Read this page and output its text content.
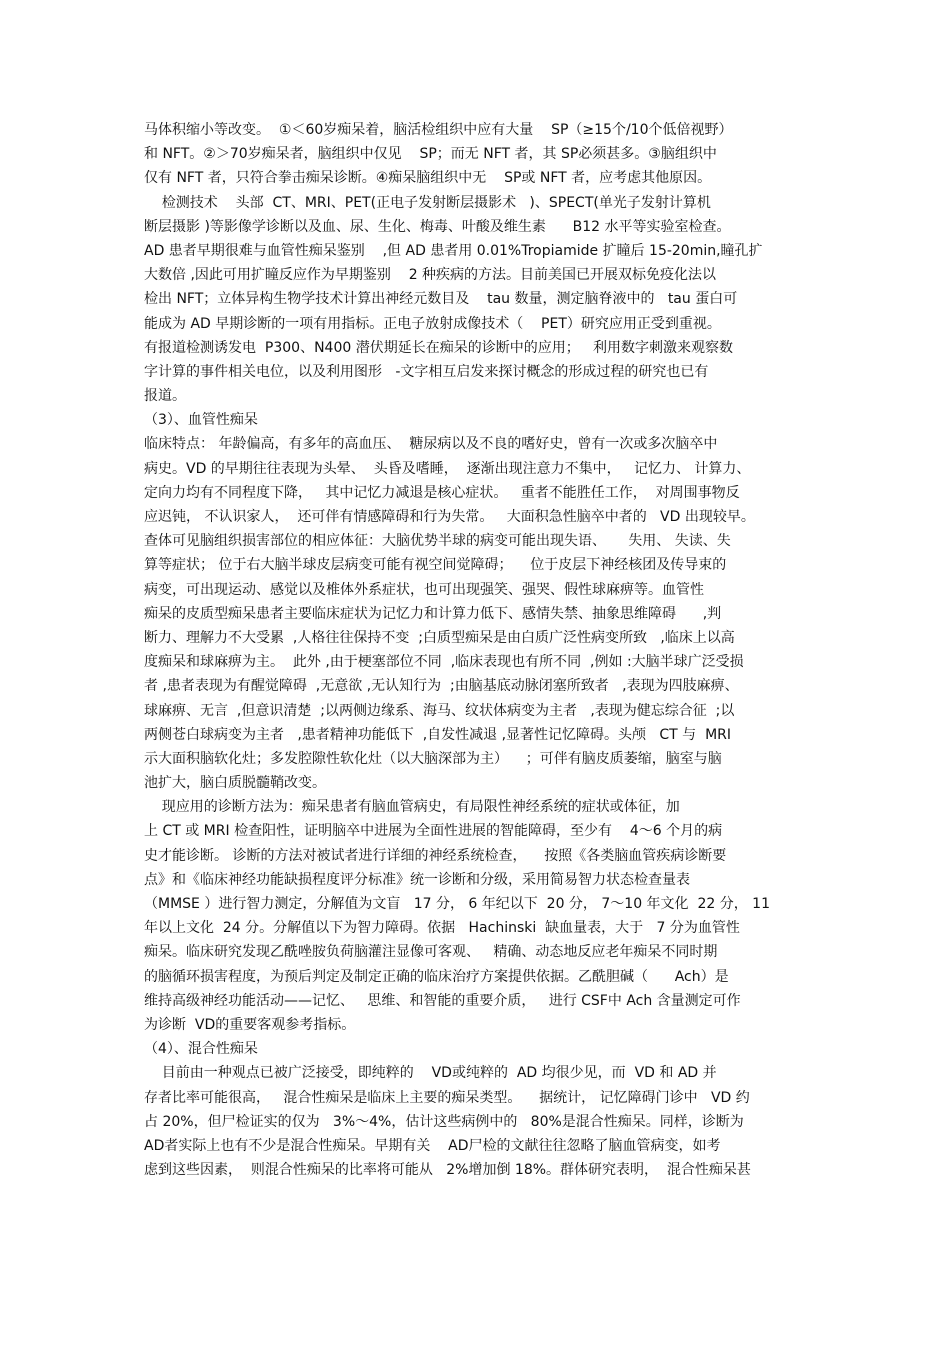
马体积缩小等改变。  ①＜60岁痴呆着，脑活检组织中应有大量    SP（≥15个/10个低倍视野）
和 NFT。②＞70岁痴呆者，脑组织中仅见    SP；而无 NFT 者，其 SP必须甚多。③脑组织中
仅有 NFT 者，只符合拳击痴呆诊断。④痴呆脑组织中无    SP或 NFT 者，应考虑其他原因。
检测技术    头部  CT、MRI、PET(正电子发射断层摄影术   )、SPECT(单光子发射计算机
断层摄影 )等影像学诊断以及血、尿、生化、梅毒、叶酸及维生素      B12 水平等实验室检查。
AD 患者早期很难与血管性痴呆鉴别    ,但 AD 患者用 0.01%Tropiamide 扩瞳后 15-20min,瞳孔扩
大数倍 ,因此可用扩瞳反应作为早期鉴别    2 种疾病的方法。目前美国已开展双标免疫化法以
检出 NFT；立体异构生物学技术计算出神经元数目及    tau 数量，测定脑脊液中的   tau 蛋白可
能成为 AD 早期诊断的一项有用指标。正电子放射成像技术（    PET）研究应用正受到重视。
有报道检测诱发电  P300、N400 潜伏期延长在痴呆的诊断中的应用；   利用数字刺激来观察数
字计算的事件相关电位，以及利用图形   -文字相互启发来探讨概念的形成过程的研究也已有
报道。
（3）、血管性痴呆
临床特点： 年龄偏高，有多年的高血压、  糖尿病以及不良的嗜好史，曾有一次或多次脑卒中
病史。VD 的早期往往表现为头晕、  头昏及嗜睡，  逐渐出现注意力不集中，   记忆力、 计算力、
定向力均有不同程度下降，   其中记忆力减退是核心症状。   重者不能胜任工作，  对周围事物反
应迟钝， 不认识家人，  还可伴有情感障碍和行为失常。   大面积急性脑卒中者的   VD 出现较早。
查体可见脑组织损害部位的相应体征：大脑优势半球的病变可能出现失语、     失用、 失读、失
算等症状； 位于右大脑半球皮层病变可能有视空间觉障碍；    位于皮层下神经核团及传导束的
病变，可出现运动、感觉以及椎体外系症状，也可出现强笑、强哭、假性球麻痹等。血管性
痴呆的皮质型痴呆患者主要临床症状为记忆力和计算力低下、感情失禁、抽象思维障碍      ,判
断力、理解力不大受累  ,人格往往保持不变  ;白质型痴呆是由白质广泛性病变所致   ,临床上以高
度痴呆和球麻痹为主。  此外 ,由于梗塞部位不同  ,临床表现也有所不同  ,例如 :大脑半球广泛受损
者 ,患者表现为有醒觉障碍  ,无意欲 ,无认知行为  ;由脑基底动脉闭塞所致者   ,表现为四肢麻痹、
球麻痹、无言  ,但意识清楚  ;以两侧边缘系、海马、纹状体病变为主者   ,表现为健忘综合征  ;以
两侧苍白球病变为主者   ,患者精神功能低下  ,自发性减退 ,显著性记忆障碍。头颅   CT 与  MRI
示大面积脑软化灶；多发腔隙性软化灶（以大脑深部为主）    ；可伴有脑皮质萎缩，脑室与脑
池扩大，脑白质脱髓鞘改变。
现应用的诊断方法为：痴呆患者有脑血管病史，有局限性神经系统的症状或体征，加
上 CT 或 MRI 检查阳性，证明脑卒中进展为全面性进展的智能障碍，至少有    4～6 个月的病
史才能诊断。 诊断的方法对被试者进行详细的神经系统检查，    按照《各类脑血管疾病诊断要
点》和《临床神经功能缺损程度评分标准》统一诊断和分级，采用简易智力状态检查量表
（MMSE ）进行智力测定，分解值为文盲   17 分， 6 年纪以下  20 分， 7～10 年文化  22 分， 11
年以上文化  24 分。分解值以下为智力障碍。依据   Hachinski  缺血量表，大于   7 分为血管性
痴呆。临床研究发现乙酰唑胺负荷脑灌注显像可客观、   精确、动态地反应老年痴呆不同时期
的脑循环损害程度，为预后判定及制定正确的临床治疗方案提供依据。乙酰胆碱（      Ach）是
维持高级神经功能活动——记忆、   思维、和智能的重要介质，   进行 CSF中 Ach 含量测定可作
为诊断  VD的重要客观参考指标。
（4）、混合性痴呆
目前由一种观点已被广泛接受，即纯粹的    VD或纯粹的  AD 均很少见，而  VD 和 AD 并
存者比率可能很高，   混合性痴呆是临床上主要的痴呆类型。    据统计， 记忆障碍门诊中   VD 约
占 20%，但尸检证实的仅为   3%～4%，估计这些病例中的   80%是混合性痴呆。同样，诊断为
AD者实际上也有不少是混合性痴呆。早期有关    AD尸检的文献往往忽略了脑血管病变，如考
虑到这些因素，  则混合性痴呆的比率将可能从   2%增加倒 18%。群体研究表明，  混合性痴呆甚
